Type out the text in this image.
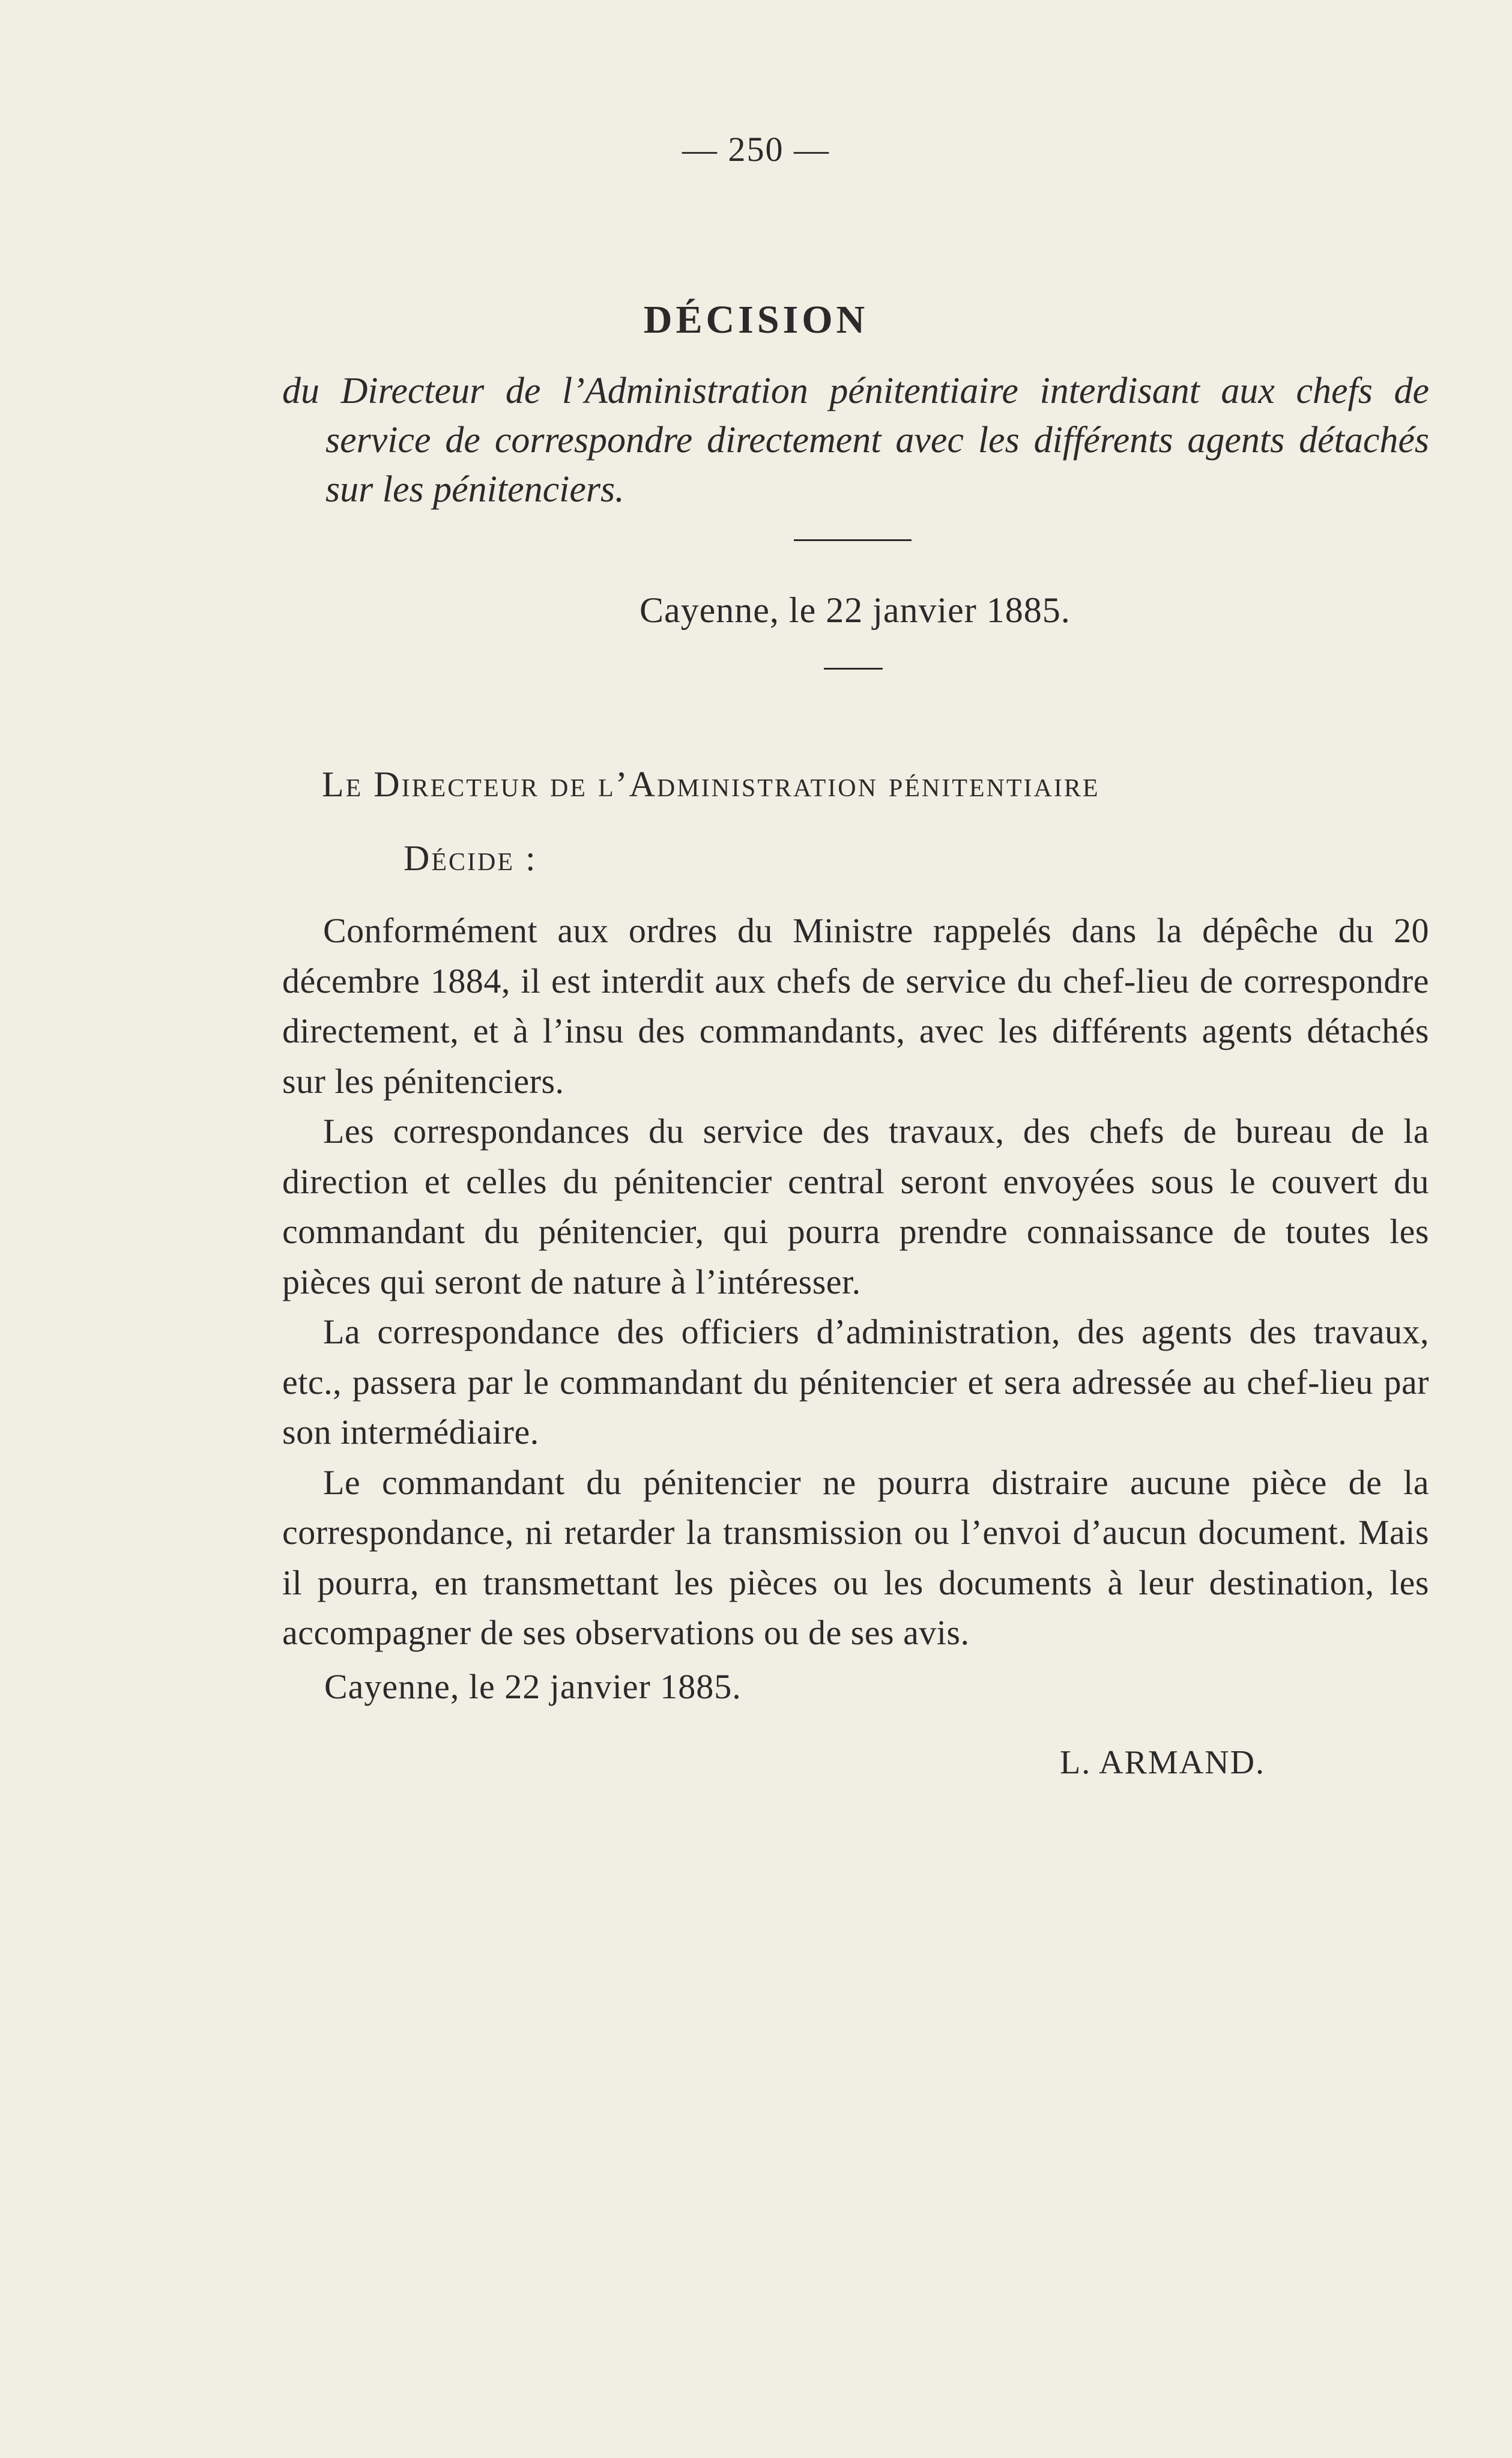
— 250 —
DÉCISION
du Directeur de l’Administration pénitentiaire interdisant aux chefs de service de correspondre directement avec les différents agents détachés sur les pénitenciers.
Cayenne, le 22 janvier 1885.
Le Directeur de l’Administration pénitentiaire
Décide :

Conformément aux ordres du Ministre rappelés dans la dépêche du 20 décembre 1884, il est interdit aux chefs de service du chef-lieu de correspondre directement, et à l’insu des commandants, avec les différents agents détachés sur les pénitenciers.

Les correspondances du service des travaux, des chefs de bureau de la direction et celles du pénitencier central seront envoyées sous le couvert du commandant du pénitencier, qui pourra prendre connaissance de toutes les pièces qui seront de nature à l’intéresser.

La correspondance des officiers d’administration, des agents des travaux, etc., passera par le commandant du pénitencier et sera adressée au chef-lieu par son intermédiaire.

Le commandant du pénitencier ne pourra distraire aucune pièce de la correspondance, ni retarder la transmission ou l’envoi d’aucun document. Mais il pourra, en transmettant les pièces ou les documents à leur destination, les accompagner de ses observations ou de ses avis.

Cayenne, le 22 janvier 1885.
L. ARMAND.
